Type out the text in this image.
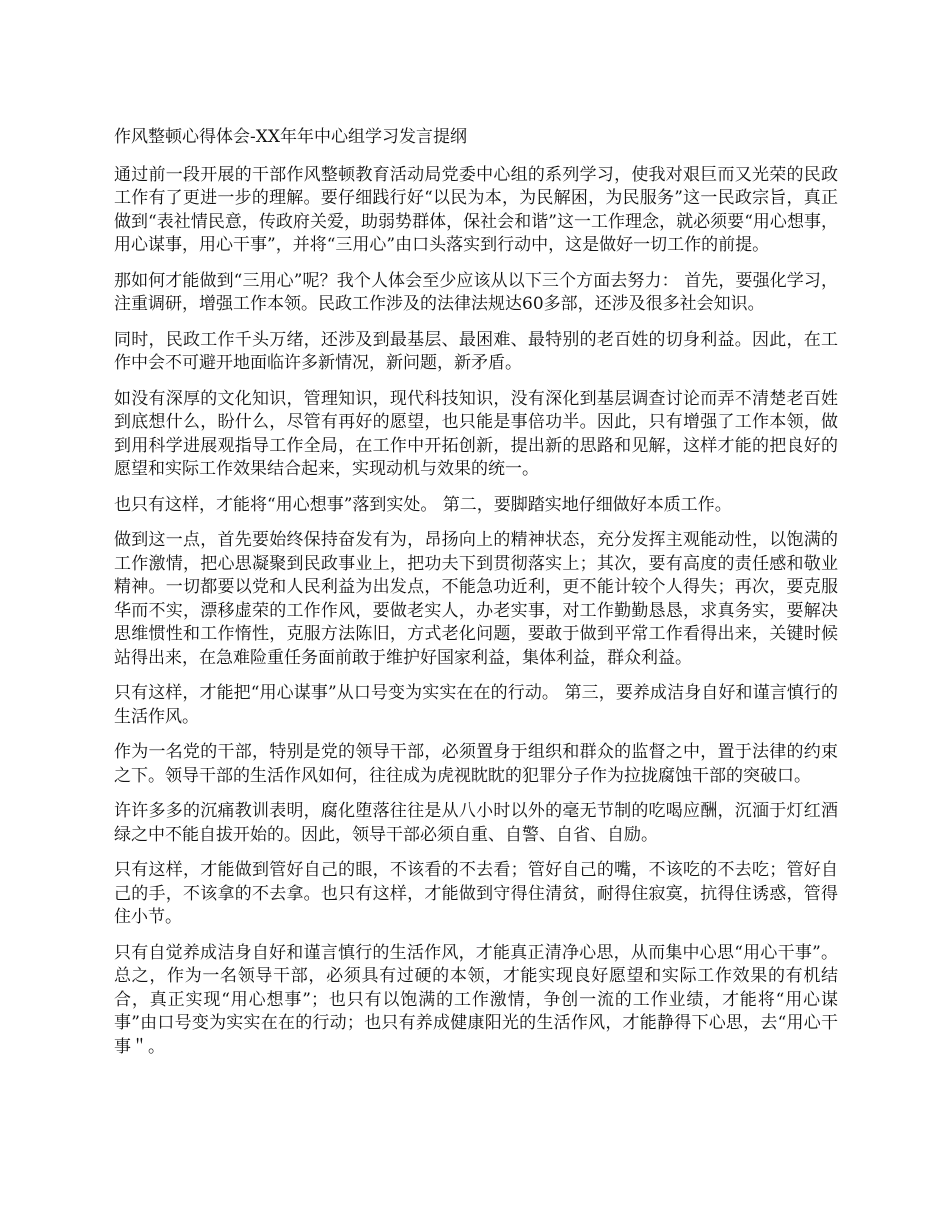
作风整顿心得体会-XX年年中心组学习发言提纲

通过前一段开展的干部作风整顿教育活动局党委中心组的系列学习，使我对艰巨而又光荣的民政工作有了更进一步的理解。要仔细践行好“以民为本，为民解困，为民服务”这一民政宗旨，真正做到“表社情民意，传政府关爱，助弱势群体，保社会和谐”这一工作理念，就必须要“用心想事，用心谋事，用心干事”，并将“三用心”由口头落实到行动中，这是做好一切工作的前提。

那如何才能做到“三用心”呢？我个人体会至少应该从以下三个方面去努力： 首先，要强化学习，注重调研，增强工作本领。民政工作涉及的法律法规达60多部，还涉及很多社会知识。

同时，民政工作千头万绪，还涉及到最基层、最困难、最特别的老百姓的切身利益。因此，在工作中会不可避开地面临许多新情况，新问题，新矛盾。

如没有深厚的文化知识，管理知识，现代科技知识，没有深化到基层调查讨论而弄不清楚老百姓到底想什么，盼什么，尽管有再好的愿望，也只能是事倍功半。因此，只有增强了工作本领，做到用科学进展观指导工作全局，在工作中开拓创新，提出新的思路和见解，这样才能的把良好的愿望和实际工作效果结合起来，实现动机与效果的统一。

也只有这样，才能将“用心想事”落到实处。 第二，要脚踏实地仔细做好本质工作。

做到这一点，首先要始终保持奋发有为，昂扬向上的精神状态，充分发挥主观能动性，以饱满的工作激情，把心思凝聚到民政事业上，把功夫下到贯彻落实上；其次，要有高度的责任感和敬业精神。一切都要以党和人民利益为出发点，不能急功近利，更不能计较个人得失；再次，要克服华而不实，漂移虚荣的工作作风，要做老实人，办老实事，对工作勤勤恳恳，求真务实，要解决思维惯性和工作惰性，克服方法陈旧，方式老化问题，要敢于做到平常工作看得出来，关键时候站得出来，在急难险重任务面前敢于维护好国家利益，集体利益，群众利益。

只有这样，才能把“用心谋事”从口号变为实实在在的行动。 第三，要养成洁身自好和谨言慎行的生活作风。

作为一名党的干部，特别是党的领导干部，必须置身于组织和群众的监督之中，置于法律的约束之下。领导干部的生活作风如何，往往成为虎视眈眈的犯罪分子作为拉拢腐蚀干部的突破口。

许许多多的沉痛教训表明，腐化堕落往往是从八小时以外的毫无节制的吃喝应酬，沉湎于灯红酒绿之中不能自拔开始的。因此，领导干部必须自重、自警、自省、自励。

只有这样，才能做到管好自己的眼，不该看的不去看；管好自己的嘴，不该吃的不去吃；管好自己的手，不该拿的不去拿。也只有这样，才能做到守得住清贫，耐得住寂寞，抗得住诱惑，管得住小节。

只有自觉养成洁身自好和谨言慎行的生活作风，才能真正清净心思，从而集中心思“用心干事”。 总之，作为一名领导干部，必须具有过硬的本领，才能实现良好愿望和实际工作效果的有机结合，真正实现“用心想事”；也只有以饱满的工作激情，争创一流的工作业绩，才能将“用心谋事”由口号变为实实在在的行动；也只有养成健康阳光的生活作风，才能静得下心思，去“用心干事＂。
